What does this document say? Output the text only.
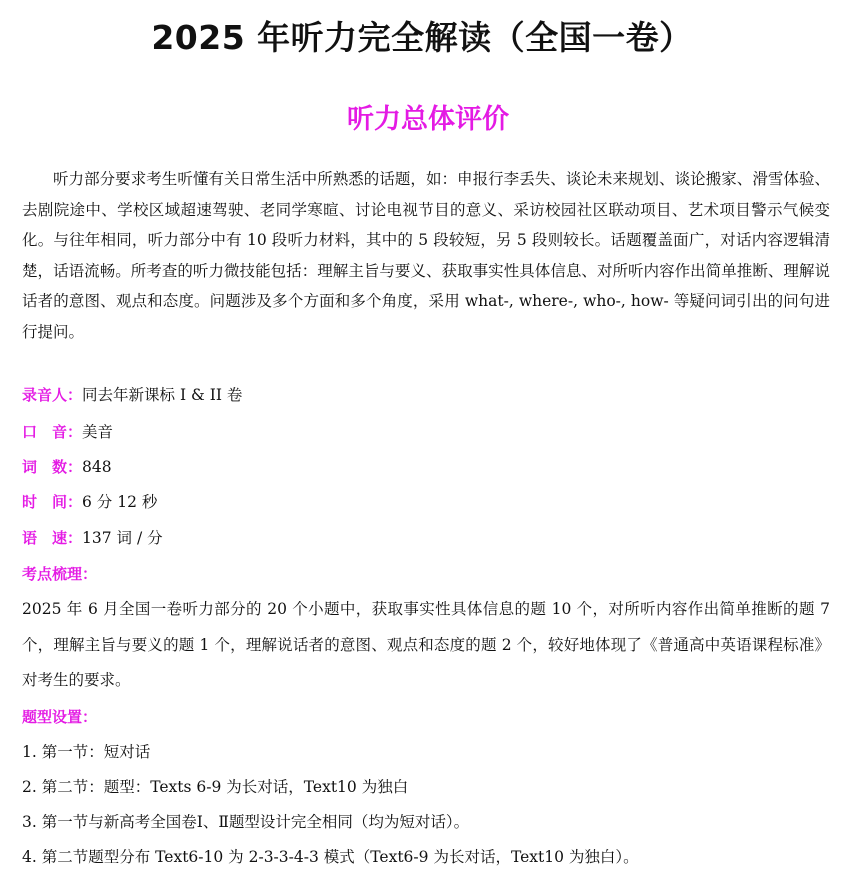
2025 年听力完全解读（全国一卷）
听力总体评价
听力部分要求考生听懂有关日常生活中所熟悉的话题，如：申报行李丢失、谈论未来规划、谈论搬家、滑雪体验、去剧院途中、学校区域超速驾驶、老同学寒暄、讨论电视节目的意义、采访校园社区联动项目、艺术项目警示气候变化。与往年相同，听力部分中有 10 段听力材料，其中的 5 段较短，另 5 段则较长。话题覆盖面广，对话内容逻辑清楚，话语流畅。所考查的听力微技能包括：理解主旨与要义、获取事实性具体信息、对所听内容作出简单推断、理解说话者的意图、观点和态度。问题涉及多个方面和多个角度，采用 what-, where-, who-, how- 等疑问词引出的问句进行提问。
录音人：同去年新课标 I & II 卷
口　音：美音
词　数：848
时　间：6 分 12 秒
语　速：137 词 / 分
考点梳理：
2025 年 6 月全国一卷听力部分的 20 个小题中，获取事实性具体信息的题 10 个，对所听内容作出简单推断的题 7 个，理解主旨与要义的题 1 个，理解说话者的意图、观点和态度的题 2 个，较好地体现了《普通高中英语课程标准》对考生的要求。
题型设置：
1. 第一节：短对话
2. 第二节：题型：Texts 6-9 为长对话，Text10 为独白
3. 第一节与新高考全国卷Ⅰ、Ⅱ题型设计完全相同（均为短对话）。
4. 第二节题型分布 Text6-10 为 2-3-3-4-3 模式（Text6-9 为长对话，Text10 为独白）。
